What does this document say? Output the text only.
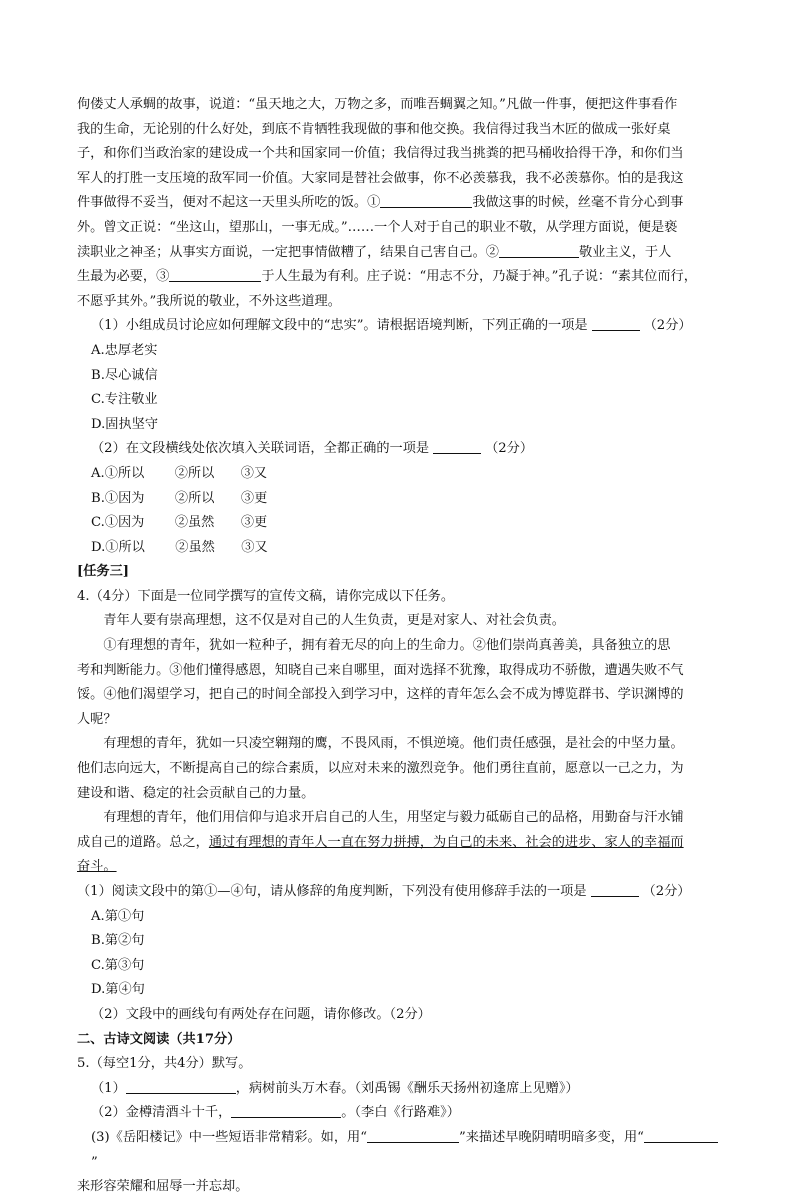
佝偻丈人承蜩的故事，说道：“虽天地之大，万物之多，而唯吾蜩翼之知。”凡做一件事，便把这件事看作

我的生命，无论别的什么好处，到底不肯牺牲我现做的事和他交换。我信得过我当木匠的做成一张好桌

子，和你们当政治家的建设成一个共和国家同一价值；我信得过我当挑粪的把马桶收拾得干净，和你们当

军人的打胜一支压境的敌军同一价值。大家同是替社会做事，你不必羡慕我，我不必羡慕你。怕的是我这

件事做得不妥当，便对不起这一天里头所吃的饭。①	我做这事的时候，丝毫不肯分心到事

外。曾文正说：“坐这山，望那山，一事无成。”……一个人对于自己的职业不敬，从学理方面说，便是亵

渎职业之神圣；从事实方面说，一定把事情做糟了，结果自己害自己。②	敬业主义，于人

生最为必要，③	于人生最为有利。庄子说：“用志不分，乃凝于神。”孔子说：“素其位而行，

不愿乎其外。”我所说的敬业，不外这些道理。

（1）小组成员讨论应如何理解文段中的“忠实”。请根据语境判断，下列正确的一项是	（2分）

A.忠厚老实

B.尽心诚信

C.专注敬业

D.固执坚守

（2）在文段横线处依次填入关联词语，全都正确的一项是	（2分）

A.①所以 ②所以 ③又

B.①因为 ②所以 ③更

C.①因为 ②虽然 ③更

D.①所以 ②虽然 ③又

[任务三]

4.（4分）下面是一位同学撰写的宣传文稿，请你完成以下任务。

青年人要有崇高理想，这不仅是对自己的人生负责，更是对家人、对社会负责。

①有理想的青年，犹如一粒种子，拥有着无尽的向上的生命力。②他们崇尚真善美，具备独立的思

考和判断能力。③他们懂得感恩，知晓自己来自哪里，面对选择不犹豫，取得成功不骄傲，遭遇失败不气

馁。④他们渴望学习，把自己的时间全部投入到学习中，这样的青年怎么会不成为博览群书、学识渊博的

人呢？

有理想的青年，犹如一只凌空翱翔的鹰，不畏风雨，不惧逆境。他们责任感强，是社会的中坚力量。

他们志向远大，不断提高自己的综合素质，以应对未来的激烈竞争。他们勇往直前，愿意以一己之力，为

建设和谐、稳定的社会贡献自己的力量。

有理想的青年，他们用信仰与追求开启自己的人生，用坚定与毅力砥砺自己的品格，用勤奋与汗水铺

成自己的道路。总之，通过有理想的青年人一直在努力拼搏，为自己的未来、社会的进步、家人的幸福而

奋斗。

（1）阅读文段中的第①—④句，请从修辞的角度判断，下列没有使用修辞手法的一项是	（2分）

A.第①句

B.第②句

C.第③句

D.第④句

（2）文段中的画线句有两处存在问题，请你修改。（2分）

二、古诗文阅读（共17分）

5.（每空1分，共4分）默写。

（1）	，病树前头万木春。（刘禹锡《酬乐天扬州初逢席上见赠》）

（2）金樽清酒斗十千，	。（李白《行路难》）

(3)《岳阳楼记》中一些短语非常精彩。如，用“	”来描述早晚阴晴明暗多变，用“”

来形容荣耀和屈辱一并忘却。
